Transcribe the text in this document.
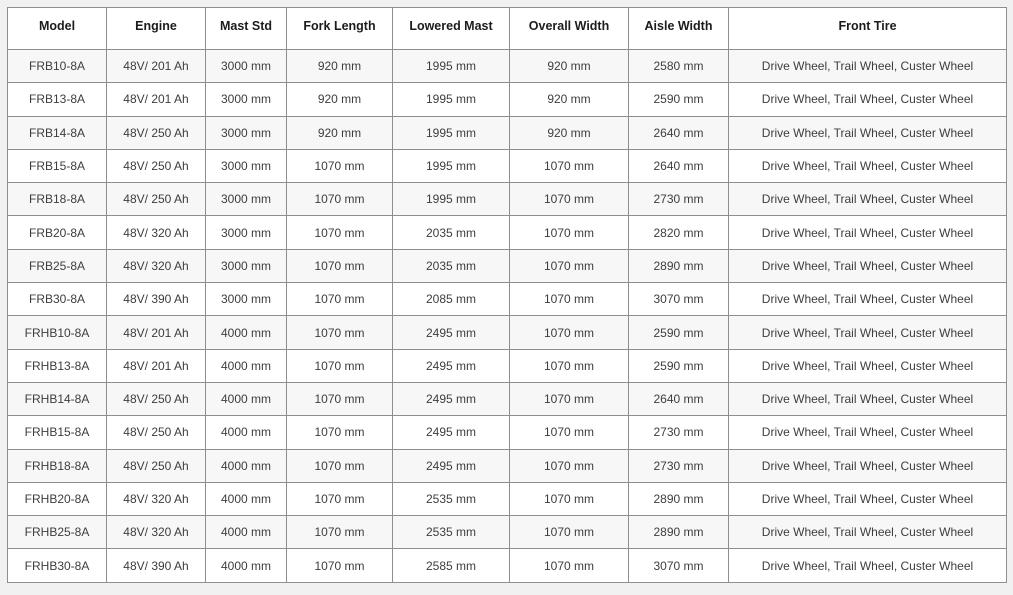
Model	Engine	Mast Std	Fork Length	Lowered Mast	Overall Width	Aisle Width	Front Tire
FRB10-8A	48V/ 201 Ah	3000 mm	920 mm	1995 mm	920 mm	2580 mm	Drive Wheel, Trail Wheel, Custer Wheel
FRB13-8A	48V/ 201 Ah	3000 mm	920 mm	1995 mm	920 mm	2590 mm	Drive Wheel, Trail Wheel, Custer Wheel
FRB14-8A	48V/ 250 Ah	3000 mm	920 mm	1995 mm	920 mm	2640 mm	Drive Wheel, Trail Wheel, Custer Wheel
FRB15-8A	48V/ 250 Ah	3000 mm	1070 mm	1995 mm	1070 mm	2640 mm	Drive Wheel, Trail Wheel, Custer Wheel
FRB18-8A	48V/ 250 Ah	3000 mm	1070 mm	1995 mm	1070 mm	2730 mm	Drive Wheel, Trail Wheel, Custer Wheel
FRB20-8A	48V/ 320 Ah	3000 mm	1070 mm	2035 mm	1070 mm	2820 mm	Drive Wheel, Trail Wheel, Custer Wheel
FRB25-8A	48V/ 320 Ah	3000 mm	1070 mm	2035 mm	1070 mm	2890 mm	Drive Wheel, Trail Wheel, Custer Wheel
FRB30-8A	48V/ 390 Ah	3000 mm	1070 mm	2085 mm	1070 mm	3070 mm	Drive Wheel, Trail Wheel, Custer Wheel
FRHB10-8A	48V/ 201 Ah	4000 mm	1070 mm	2495 mm	1070 mm	2590 mm	Drive Wheel, Trail Wheel, Custer Wheel
FRHB13-8A	48V/ 201 Ah	4000 mm	1070 mm	2495 mm	1070 mm	2590 mm	Drive Wheel, Trail Wheel, Custer Wheel
FRHB14-8A	48V/ 250 Ah	4000 mm	1070 mm	2495 mm	1070 mm	2640 mm	Drive Wheel, Trail Wheel, Custer Wheel
FRHB15-8A	48V/ 250 Ah	4000 mm	1070 mm	2495 mm	1070 mm	2730 mm	Drive Wheel, Trail Wheel, Custer Wheel
FRHB18-8A	48V/ 250 Ah	4000 mm	1070 mm	2495 mm	1070 mm	2730 mm	Drive Wheel, Trail Wheel, Custer Wheel
FRHB20-8A	48V/ 320 Ah	4000 mm	1070 mm	2535 mm	1070 mm	2890 mm	Drive Wheel, Trail Wheel, Custer Wheel
FRHB25-8A	48V/ 320 Ah	4000 mm	1070 mm	2535 mm	1070 mm	2890 mm	Drive Wheel, Trail Wheel, Custer Wheel
FRHB30-8A	48V/ 390 Ah	4000 mm	1070 mm	2585 mm	1070 mm	3070 mm	Drive Wheel, Trail Wheel, Custer Wheel
